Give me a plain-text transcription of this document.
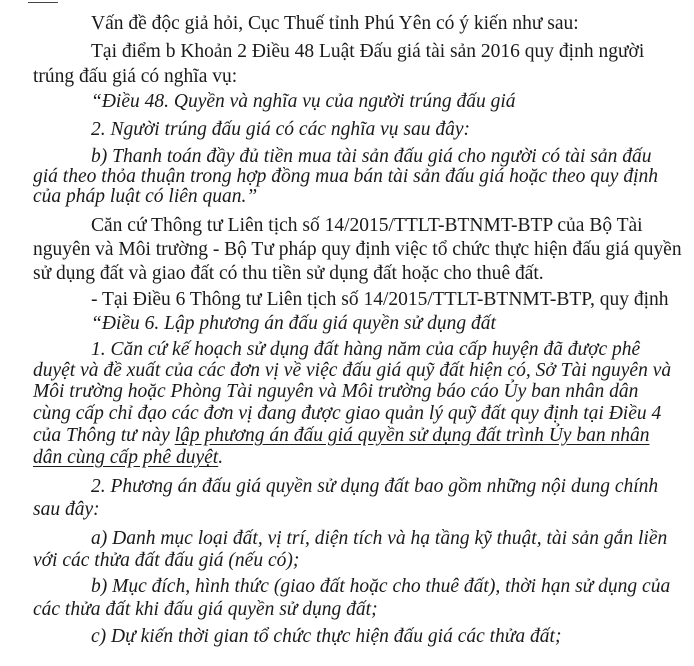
Vấn đề độc giả hỏi, Cục Thuế tỉnh Phú Yên có ý kiến như sau:
Tại điểm b Khoản 2 Điều 48 Luật Đấu giá tài sản 2016 quy định người
trúng đấu giá có nghĩa vụ:
“Điều 48. Quyền và nghĩa vụ của người trúng đấu giá
2. Người trúng đấu giá có các nghĩa vụ sau đây:
b) Thanh toán đầy đủ tiền mua tài sản đấu giá cho người có tài sản đấu
giá theo thỏa thuận trong hợp đồng mua bán tài sản đấu giá hoặc theo quy định
của pháp luật có liên quan.”
Căn cứ Thông tư Liên tịch số 14/2015/TTLT-BTNMT-BTP của Bộ Tài
nguyên và Môi trường - Bộ Tư pháp quy định việc tổ chức thực hiện đấu giá quyền
sử dụng đất và giao đất có thu tiền sử dụng đất hoặc cho thuê đất.
- Tại Điều 6 Thông tư Liên tịch số 14/2015/TTLT-BTNMT-BTP, quy định
“Điều 6. Lập phương án đấu giá quyền sử dụng đất
1. Căn cứ kế hoạch sử dụng đất hàng năm của cấp huyện đã được phê
duyệt và đề xuất của các đơn vị về việc đấu giá quỹ đất hiện có, Sở Tài nguyên và
Môi trường hoặc Phòng Tài nguyên và Môi trường báo cáo Ủy ban nhân dân
cùng cấp chỉ đạo các đơn vị đang được giao quản lý quỹ đất quy định tại Điều 4
của Thông tư này lập phương án đấu giá quyền sử dụng đất trình Ủy ban nhân
dân cùng cấp phê duyệt.
2. Phương án đấu giá quyền sử dụng đất bao gồm những nội dung chính
sau đây:
a) Danh mục loại đất, vị trí, diện tích và hạ tầng kỹ thuật, tài sản gắn liền
với các thửa đất đấu giá (nếu có);
b) Mục đích, hình thức (giao đất hoặc cho thuê đất), thời hạn sử dụng của
các thửa đất khi đấu giá quyền sử dụng đất;
c) Dự kiến thời gian tổ chức thực hiện đấu giá các thửa đất;
